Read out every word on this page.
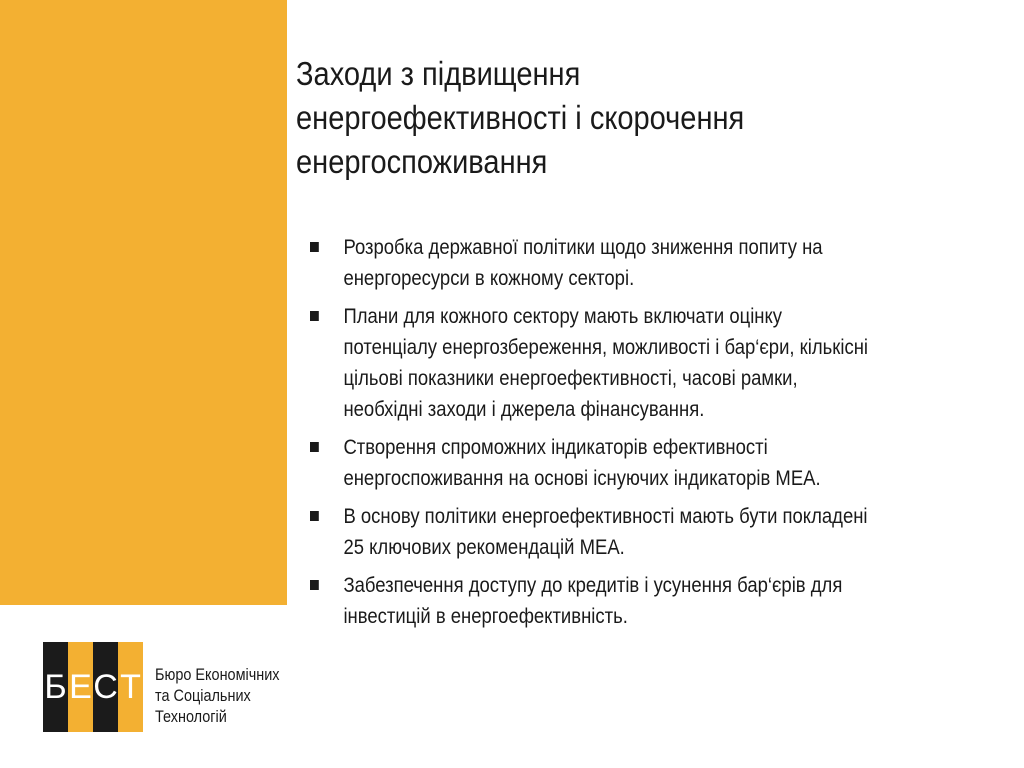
Заходи з підвищення
енергоефективності і скорочення
енергоспоживання
Розробка державної політики щодо зниження попиту на енергоресурси в кожному секторі.
Плани для кожного сектору мають включати оцінку потенціалу енергозбереження, можливості і бар‘єри, кількісні цільові показники енергоефективності, часові рамки, необхідні заходи і джерела фінансування.
Створення спроможних індикаторів ефективності енергоспоживання на основі існуючих індикаторів МЕА.
В основу політики енергоефективності мають бути покладені 25 ключових рекомендацій МЕА.
Забезпечення доступу до кредитів і усунення бар‘єрів для інвестицій в енергоефективність.
Б Е С Т Бюро Економічних
та Соціальних
Технологій
